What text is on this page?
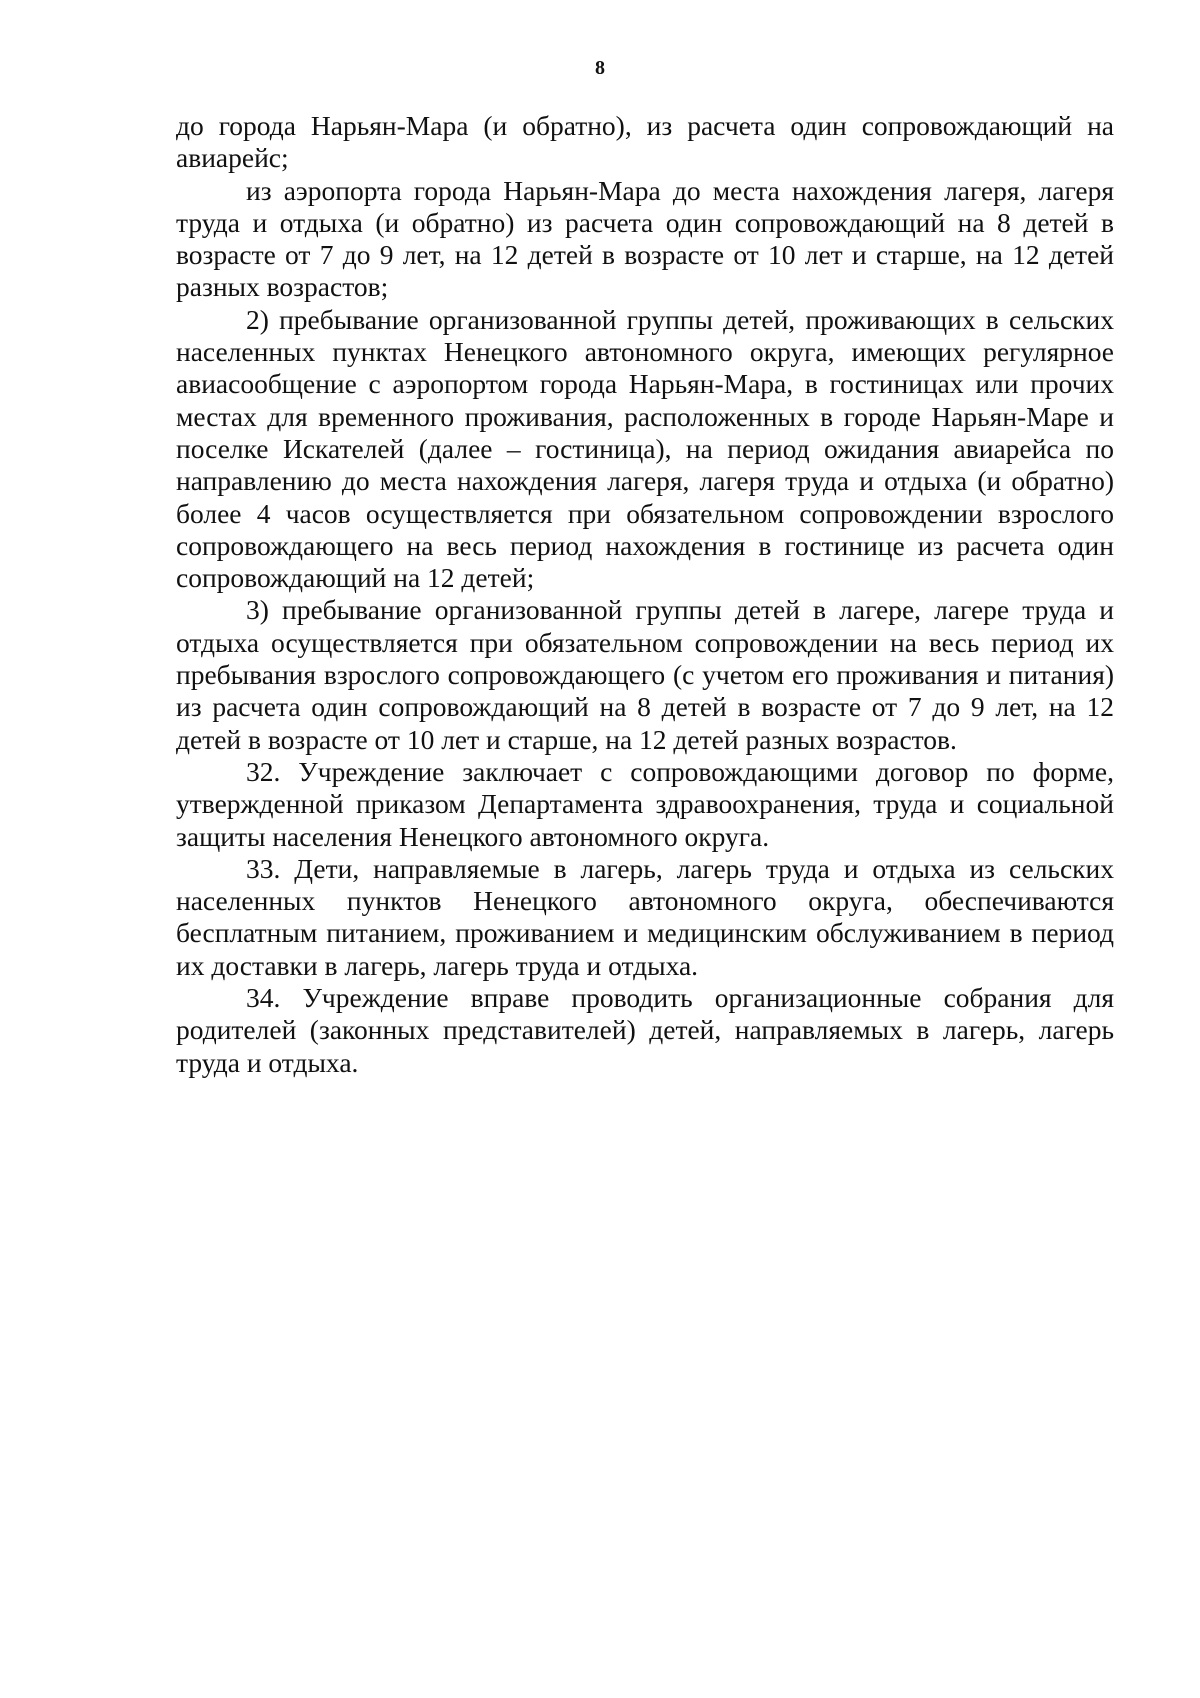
8

до города Нарьян-Мара (и обратно), из расчета один сопровождающий на авиарейс;

из аэропорта города Нарьян-Мара до места нахождения лагеря, лагеря труда и отдыха (и обратно) из расчета один сопровождающий на 8 детей в возрасте от 7 до 9 лет, на 12 детей в возрасте от 10 лет и старше, на 12 детей разных возрастов;

2) пребывание организованной группы детей, проживающих в сельских населенных пунктах Ненецкого автономного округа, имеющих регулярное авиасообщение с аэропортом города Нарьян-Мара, в гостиницах или прочих местах для временного проживания, расположенных в городе Нарьян-Маре и поселке Искателей (далее – гостиница), на период ожидания авиарейса по направлению до места нахождения лагеря, лагеря труда и отдыха (и обратно) более 4 часов осуществляется при обязательном сопровождении взрослого сопровождающего на весь период нахождения в гостинице из расчета один сопровождающий на 12 детей;

3) пребывание организованной группы детей в лагере, лагере труда и отдыха осуществляется при обязательном сопровождении на весь период их пребывания взрослого сопровождающего (с учетом его проживания и питания) из расчета один сопровождающий на 8 детей в возрасте от 7 до 9 лет, на 12 детей в возрасте от 10 лет и старше, на 12 детей разных возрастов.

32. Учреждение заключает с сопровождающими договор по форме, утвержденной приказом Департамента здравоохранения, труда и социальной защиты населения Ненецкого автономного округа.

33. Дети, направляемые в лагерь, лагерь труда и отдыха из сельских населенных пунктов Ненецкого автономного округа, обеспечиваются бесплатным питанием, проживанием и медицинским обслуживанием в период их доставки в лагерь, лагерь труда и отдыха.

34. Учреждение вправе проводить организационные собрания для родителей (законных представителей) детей, направляемых в лагерь, лагерь труда и отдыха.
